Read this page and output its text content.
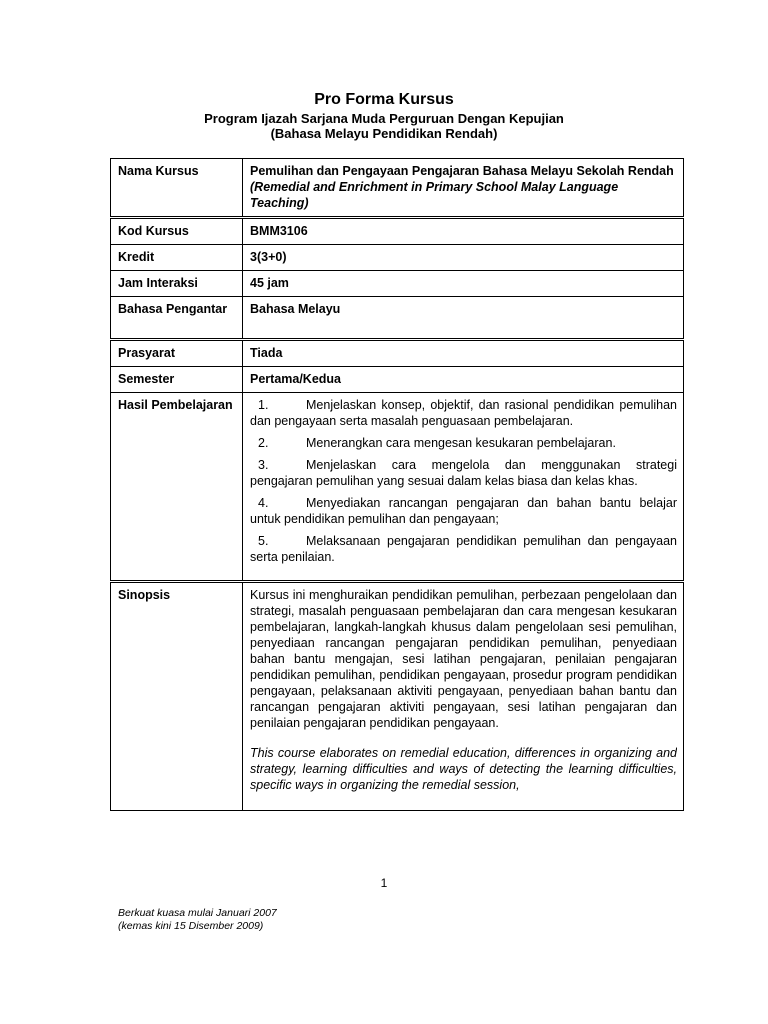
Pro Forma Kursus
Program Ijazah Sarjana Muda Perguruan Dengan Kepujian
(Bahasa Melayu Pendidikan Rendah)
Nama Kursus	Pemulihan dan Pengayaan Pengajaran Bahasa Melayu Sekolah Rendah
(Remedial and Enrichment in Primary School Malay Language Teaching)

Kod Kursus	BMM3106
Kredit	3(3+0)
Jam Interaksi	45 jam
Bahasa Pengantar	Bahasa Melayu
Prasyarat	Tiada
Semester	Pertama/Kedua
Hasil Pembelajaran	1. Menjelaskan konsep, objektif, dan rasional pendidikan pemulihan dan pengayaan serta masalah penguasaan pembelajaran.
2. Menerangkan cara mengesan kesukaran pembelajaran.
3. Menjelaskan cara mengelola dan menggunakan strategi pengajaran pemulihan yang sesuai dalam kelas biasa dan kelas khas.
4. Menyediakan rancangan pengajaran dan bahan bantu belajar untuk pendidikan pemulihan dan pengayaan;
5. Melaksanaan pengajaran pendidikan pemulihan dan pengayaan serta penilaian.

Sinopsis	Kursus ini menghuraikan pendidikan pemulihan, perbezaan pengelolaan dan strategi, masalah penguasaan pembelajaran dan cara mengesan kesukaran pembelajaran, langkah-langkah khusus dalam pengelolaan sesi pemulihan, penyediaan rancangan pengajaran pendidikan pemulihan, penyediaan bahan bantu mengajan, sesi latihan pengajaran, penilaian pengajaran pendidikan pemulihan, pendidikan pengayaan, prosedur program pendidikan pengayaan, pelaksanaan aktiviti pengayaan, penyediaan bahan bantu dan rancangan pengajaran aktiviti pengayaan, sesi latihan pengajaran dan penilaian pengajaran pendidikan pengayaan.

This course elaborates on remedial education, differences in organizing and strategy, learning difficulties and ways of detecting the learning difficulties, specific ways in organizing the remedial session,

1
Berkuat kuasa mulai Januari 2007
(kemas kini 15 Disember 2009)
